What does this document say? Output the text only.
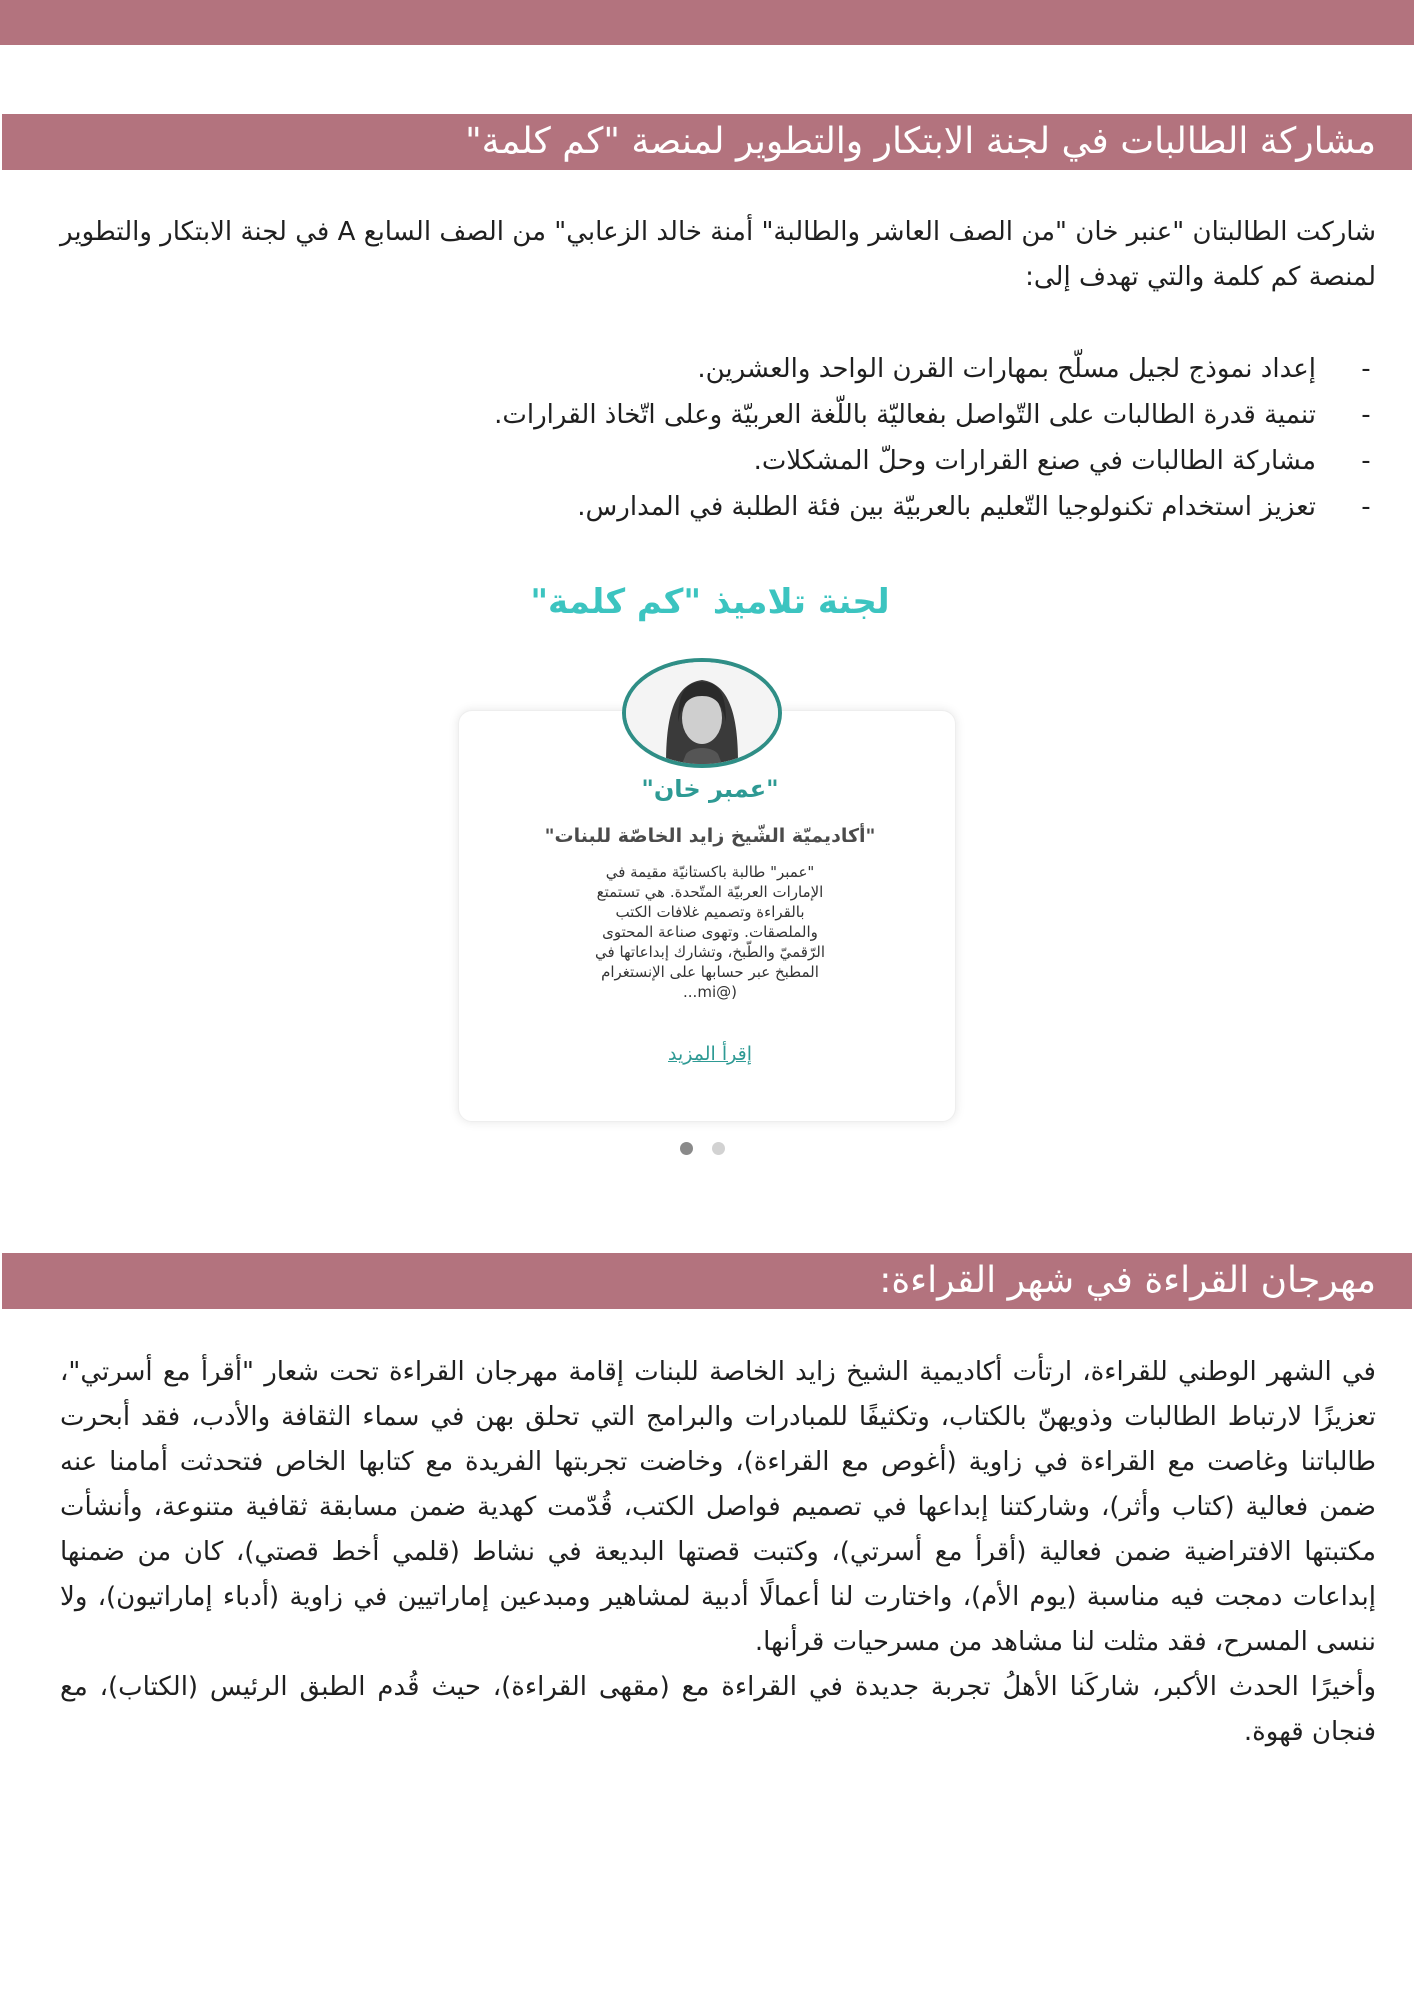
مشاركة الطالبات في لجنة الابتكار والتطوير لمنصة "كم كلمة"

شاركت الطالبتان "عنبر خان "من الصف العاشر والطالبة" أمنة خالد الزعابي" من الصف السابع A في لجنة الابتكار والتطوير لمنصة كم كلمة والتي تهدف إلى:

-
إعداد نموذج لجيل مسلّح بمهارات القرن الواحد والعشرين.
-
تنمية قدرة الطالبات على التّواصل بفعاليّة باللّغة العربيّة وعلى اتّخاذ القرارات.
-
مشاركة الطالبات في صنع القرارات وحلّ المشكلات.
-
تعزيز استخدام تكنولوجيا التّعليم بالعربيّة بين فئة الطلبة في المدارس.
لجنة تلاميذ "كم كلمة"
"عمبر خان"
"أكاديميّة الشّيخ زايد الخاصّة للبنات"

"عمبر" طالبة باكستانيّة مقيمة في الإمارات العربيّة المتّحدة. هي تستمتع بالقراءة وتصميم غلافات الكتب والملصقات. وتهوى صناعة المحتوى الرّقميّ والطّبخ، وتشارك إبداعاتها في المطبخ عبر حسابها على الإنستغرام (@mi...

إقرأ المزيد
مهرجان القراءة في شهر القراءة:
في الشهر الوطني للقراءة، ارتأت أكاديمية الشيخ زايد الخاصة للبنات إقامة مهرجان القراءة تحت شعار "أقرأ مع أسرتي"، تعزيزًا لارتباط الطالبات وذويهنّ بالكتاب، وتكثيفًا للمبادرات والبرامج التي تحلق بهن في سماء الثقافة والأدب، فقد أبحرت طالباتنا وغاصت مع القراءة في زاوية (أغوص مع القراءة)، وخاضت تجربتها الفريدة مع كتابها الخاص فتحدثت أمامنا عنه ضمن فعالية (كتاب وأثر)، وشاركتنا إبداعها في تصميم فواصل الكتب، قُدّمت كهدية ضمن مسابقة ثقافية متنوعة، وأنشأت مكتبتها الافتراضية ضمن فعالية (أقرأ مع أسرتي)، وكتبت قصتها البديعة في نشاط (قلمي أخط قصتي)، كان من ضمنها إبداعات دمجت فيه مناسبة (يوم الأم)، واختارت لنا أعمالًا أدبية لمشاهير ومبدعين إماراتيين في زاوية (أدباء إماراتيون)، ولا ننسى المسرح، فقد مثلت لنا مشاهد من مسرحيات قرأنها.
وأخيرًا الحدث الأكبر، شاركَنا الأهلُ تجربة جديدة في القراءة مع (مقهى القراءة)، حيث قُدم الطبق الرئيس (الكتاب)، مع فنجان قهوة.
